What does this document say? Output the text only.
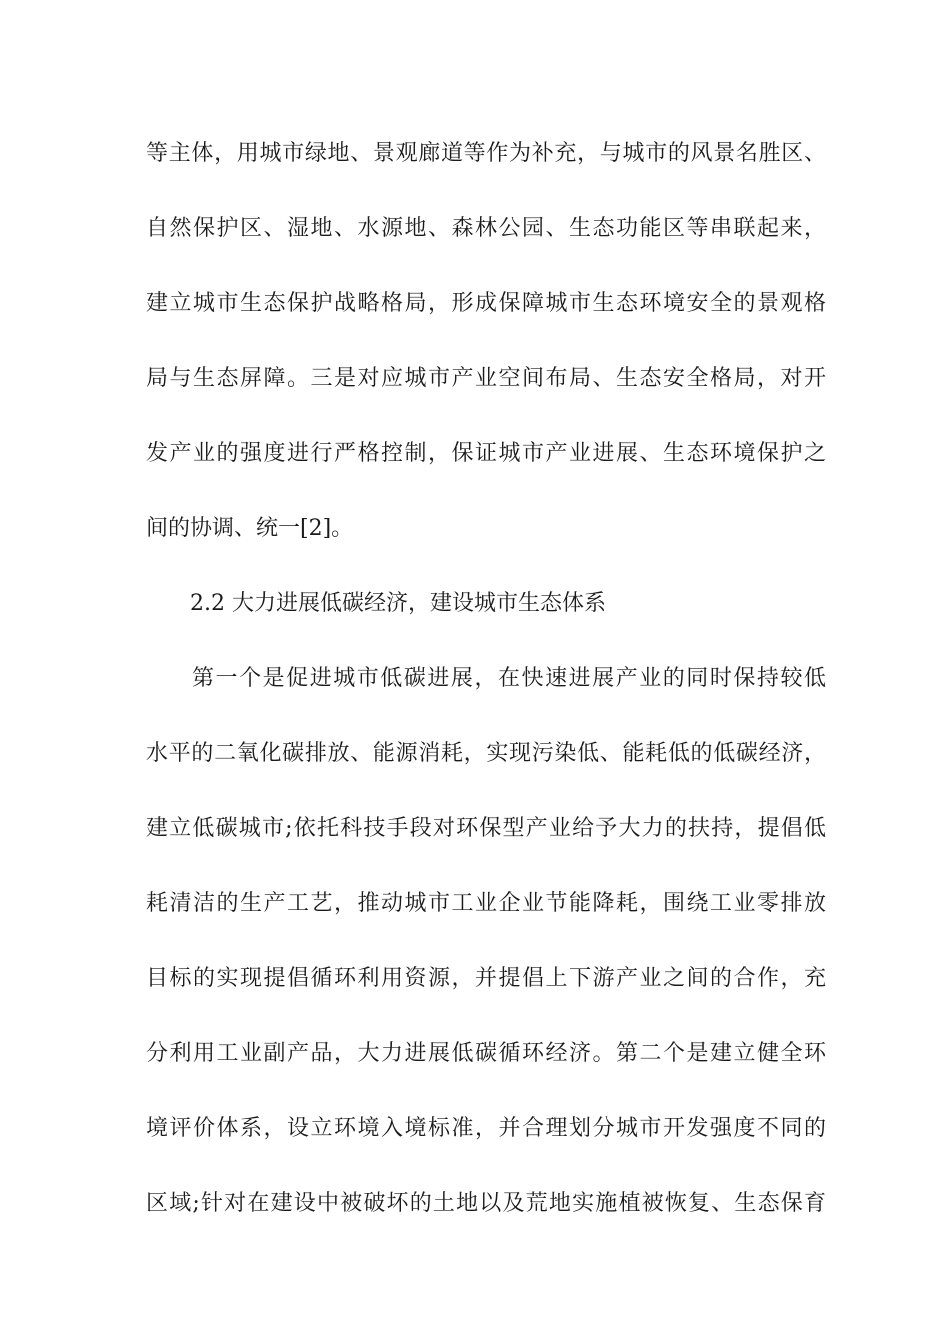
等主体，用城市绿地、景观廊道等作为补充，与城市的风景名胜区、
自然保护区、湿地、水源地、森林公园、生态功能区等串联起来，
建立城市生态保护战略格局，形成保障城市生态环境安全的景观格
局与生态屏障。三是对应城市产业空间布局、生态安全格局，对开
发产业的强度进行严格控制，保证城市产业进展、生态环境保护之
间的协调、统一[2]。
2.2 大力进展低碳经济，建设城市生态体系
第一个是促进城市低碳进展，在快速进展产业的同时保持较低
水平的二氧化碳排放、能源消耗，实现污染低、能耗低的低碳经济，
建立低碳城市;依托科技手段对环保型产业给予大力的扶持，提倡低
耗清洁的生产工艺，推动城市工业企业节能降耗，围绕工业零排放
目标的实现提倡循环利用资源，并提倡上下游产业之间的合作，充
分利用工业副产品，大力进展低碳循环经济。第二个是建立健全环
境评价体系，设立环境入境标准，并合理划分城市开发强度不同的
区域;针对在建设中被破坏的土地以及荒地实施植被恢复、生态保育
